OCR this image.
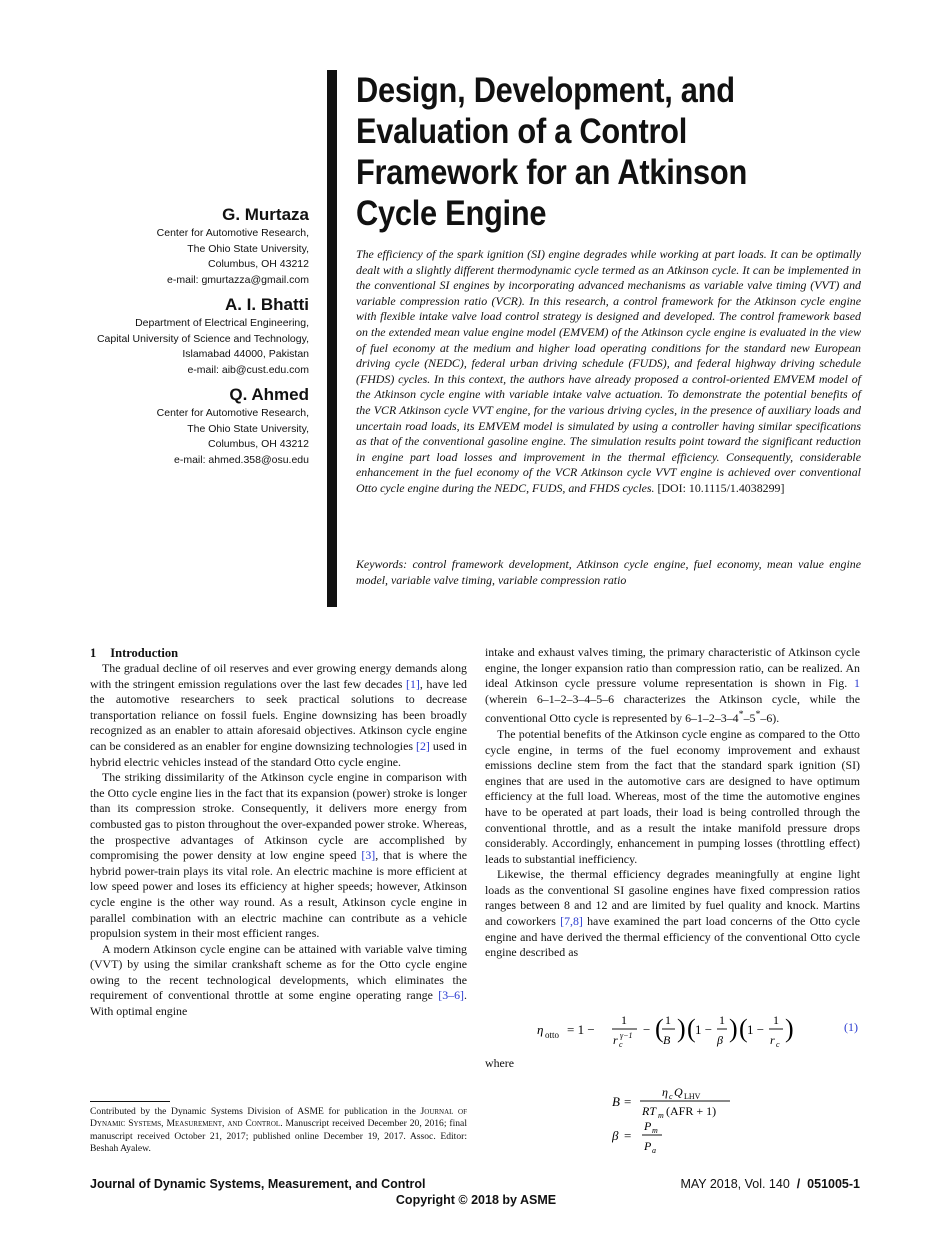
Design, Development, and Evaluation of a Control Framework for an Atkinson Cycle Engine
G. Murtaza
Center for Automotive Research,
The Ohio State University,
Columbus, OH 43212
e-mail: gmurtazza@gmail.com
A. I. Bhatti
Department of Electrical Engineering,
Capital University of Science and Technology,
Islamabad 44000, Pakistan
e-mail: aib@cust.edu.com
Q. Ahmed
Center for Automotive Research,
The Ohio State University,
Columbus, OH 43212
e-mail: ahmed.358@osu.edu
The efficiency of the spark ignition (SI) engine degrades while working at part loads. It can be optimally dealt with a slightly different thermodynamic cycle termed as an Atkinson cycle. It can be implemented in the conventional SI engines by incorporating advanced mechanisms as variable valve timing (VVT) and variable compression ratio (VCR). In this research, a control framework for the Atkinson cycle engine with flexible intake valve load control strategy is designed and developed. The control framework based on the extended mean value engine model (EMVEM) of the Atkinson cycle engine is evaluated in the view of fuel economy at the medium and higher load operating conditions for the standard new European driving cycle (NEDC), federal urban driving schedule (FUDS), and federal highway driving schedule (FHDS) cycles. In this context, the authors have already proposed a control-oriented EMVEM model of the Atkinson cycle engine with variable intake valve actuation. To demonstrate the potential benefits of the VCR Atkinson cycle VVT engine, for the various driving cycles, in the presence of auxiliary loads and uncertain road loads, its EMVEM model is simulated by using a controller having similar specifications as that of the conventional gasoline engine. The simulation results point toward the significant reduction in engine part load losses and improvement in the thermal efficiency. Consequently, considerable enhancement in the fuel economy of the VCR Atkinson cycle VVT engine is achieved over conventional Otto cycle engine during the NEDC, FUDS, and FHDS cycles. [DOI: 10.1115/1.4038299]
Keywords: control framework development, Atkinson cycle engine, fuel economy, mean value engine model, variable valve timing, variable compression ratio
1 Introduction

The gradual decline of oil reserves and ever growing energy demands along with the stringent emission regulations over the last few decades [1], have led the automotive researchers to seek practical solutions to decrease transportation reliance on fossil fuels. Engine downsizing has been broadly recognized as an enabler to attain aforesaid objectives. Atkinson cycle engine can be considered as an enabler for engine downsizing technologies [2] used in hybrid electric vehicles instead of the standard Otto cycle engine.

The striking dissimilarity of the Atkinson cycle engine in comparison with the Otto cycle engine lies in the fact that its expansion (power) stroke is longer than its compression stroke. Consequently, it delivers more energy from combusted gas to piston throughout the over-expanded power stroke. Whereas, the prospective advantages of Atkinson cycle are accomplished by compromising the power density at low engine speed [3], that is where the hybrid power-train plays its vital role. An electric machine is more efficient at low speed power and loses its efficiency at higher speeds; however, Atkinson cycle engine is the other way round. As a result, Atkinson cycle engine in parallel combination with an electric machine can contribute as a vehicle propulsion system in their most efficient ranges.

A modern Atkinson cycle engine can be attained with variable valve timing (VVT) by using the similar crankshaft scheme as for the Otto cycle engine owing to the recent technological developments, which eliminates the requirement of conventional throttle at some engine operating range [3–6]. With optimal engine

intake and exhaust valves timing, the primary characteristic of Atkinson cycle engine, the longer expansion ratio than compression ratio, can be realized. An ideal Atkinson cycle pressure volume representation is shown in Fig. 1 (wherein 6–1–2–3–4–5–6 characterizes the Atkinson cycle, while the conventional Otto cycle is represented by 6–1–2–3–4*–5*–6).

The potential benefits of the Atkinson cycle engine as compared to the Otto cycle engine, in terms of the fuel economy improvement and exhaust emissions decline stem from the fact that the standard spark ignition (SI) engines that are used in the automotive cars are designed to have optimum efficiency at the full load. Whereas, most of the time the automotive engines have to be operated at part loads, their load is being controlled through the conventional throttle, and as a result the intake manifold pressure drops considerably. Accordingly, enhancement in pumping losses (throttling effect) leads to substantial inefficiency.

Likewise, the thermal efficiency degrades meaningfully at engine light loads as the conventional SI gasoline engines have fixed compression ratios ranges between 8 and 12 and are limited by fuel quality and knock. Martins and coworkers [7,8] have examined the part load concerns of the Otto cycle engine and have derived the thermal efficiency of the conventional Otto cycle engine described as

η otto = 1 −
1
r c
γ−1 − ( 1
B ) ( 1 −
1
β ) ( 1 −
1
r c
)	(1)
where
B =
η c Q LHV
RT m (AFR + 1)
β =
P m
P a
Contributed by the Dynamic Systems Division of ASME for publication in the Journal of Dynamic Systems, Measurement, and Control. Manuscript received December 20, 2016; final manuscript received October 21, 2017; published online December 19, 2017. Assoc. Editor: Beshah Ayalew.
Journal of Dynamic Systems, Measurement, and Control
Copyright © 2018 by ASME
MAY 2018, Vol. 140 / 051005-1
